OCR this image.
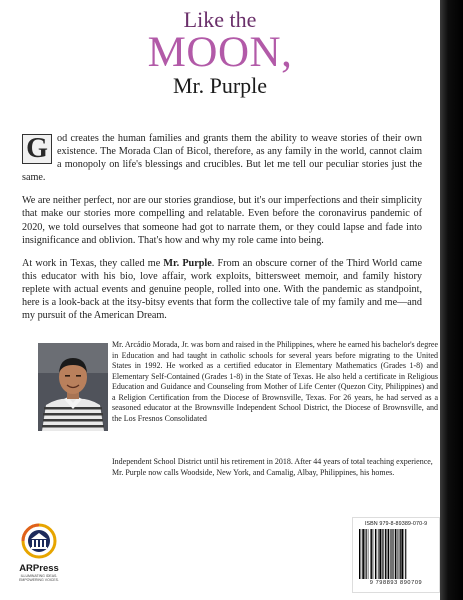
Like the
MOON,
Mr. Purple

G od creates the human families and grants them the ability to weave stories of their own existence. The Morada Clan of Bicol, therefore, as any family in the world, cannot claim a monopoly on life's blessings and crucibles. But let me tell our peculiar stories just the same.

We are neither perfect, nor are our stories grandiose, but it's our imperfections and their simplicity that make our stories more compelling and relatable. Even before the coronavirus pandemic of 2020, we told ourselves that someone had got to narrate them, or they could lapse and fade into insignificance and oblivion. That's how and why my role came into being.

At work in Texas, they called me Mr. Purple. From an obscure corner of the Third World came this educator with his bio, love affair, work exploits, bittersweet memoir, and family history replete with actual events and genuine people, rolled into one. With the pandemic as standpoint, here is a look-back at the itsy-bitsy events that form the collective tale of my family and me—and my pursuit of the American Dream.

Mr. Arcádio Morada, Jr. was born and raised in the Philippines, where he earned his bachelor's degree in Education and had taught in catholic schools for several years before migrating to the United States in 1992. He worked as a certified educator in Elementary Mathematics (Grades 1-8) and Elementary Self-Contained (Grades 1-8) in the State of Texas. He also held a certificate in Religious Education and Guidance and Counseling from Mother of Life Center (Quezon City, Philippines) and a Religion Certification from the Diocese of Brownsville, Texas. For 26 years, he had served as a seasoned educator at the Brownsville Independent School District, the Diocese of Brownsville, and the Los Fresnos Consolidated
Independent School District until his retirement in 2018. After 44 years of total teaching experience, Mr. Purple now calls Woodside, New York, and Camalig, Albay, Philippines, his homes.
ARPress
ILLUMINATING IDEAS. EMPOWERING VOICES.
ISBN 979-8-89389-070-9
9 798893 890709
